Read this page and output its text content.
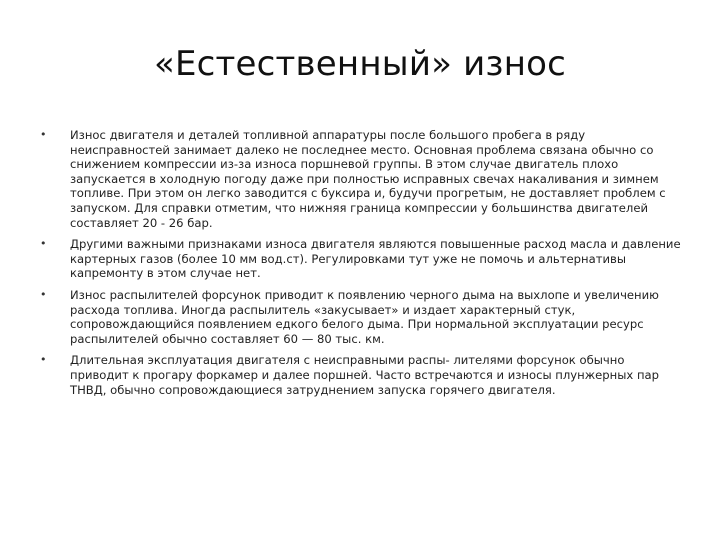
«Естественный» износ
• Износ двигателя и деталей топливной аппаратуры после большого пробега в ряду неисправностей занимает далеко не последнее место. Основная проблема связана обычно со снижением компрессии из-за износа поршневой группы. В этом случае двигатель плохо запускается в холодную погоду даже при полностью исправных свечах накаливания и зимнем топливе. При этом он легко заводится с буксира и, будучи прогретым, не доставляет проблем с запуском. Для справки отметим, что нижняя граница компрессии у большинства двигателей составляет 20 - 26 бар.
• Другими важными признаками износа двигателя являются повышенные расход масла и давление картерных газов (более 10 мм вод.ст). Регулировками тут уже не помочь и альтернативы капремонту в этом случае нет.
• Износ распылителей форсунок приводит к появлению черного дыма на выхлопе и увеличению расхода топлива. Иногда распылитель «закусывает» и издает характерный стук, сопровождающийся появлением едкого белого дыма. При нормальной эксплуатации ресурс распылителей обычно составляет 60 — 80 тыс. км.
• Длительная эксплуатация двигателя с неисправными распы- лителями форсунок обычно приводит к прогару форкамер и далее поршней. Часто встречаются и износы плунжерных пар ТНВД, обычно сопровождающиеся затруднением запуска горячего двигателя.
